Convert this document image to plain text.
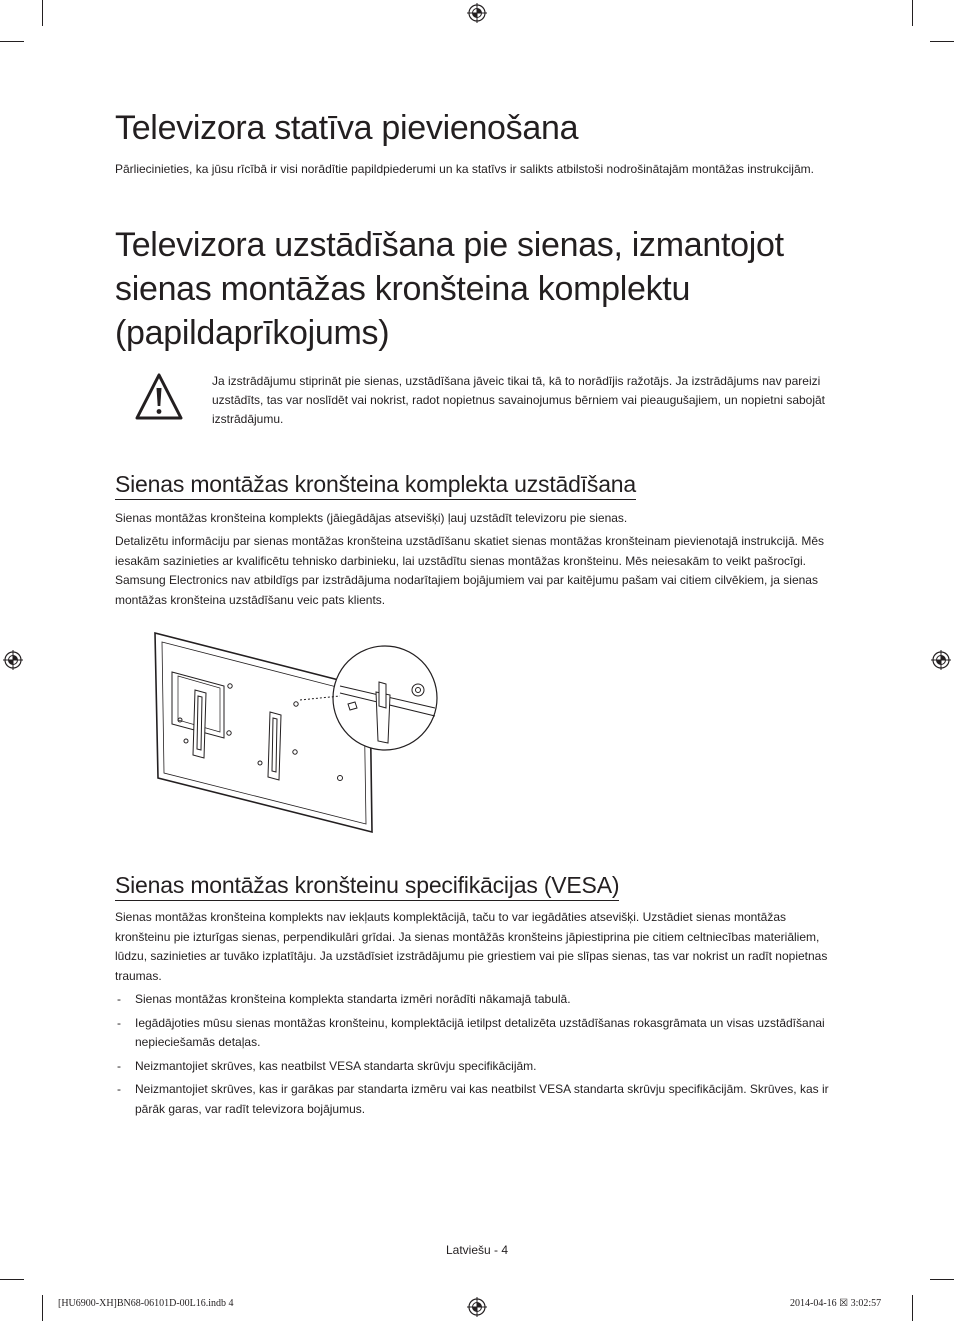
Televizora statīva pievienošana

Pārliecinieties, ka jūsu rīcībā ir visi norādītie papildpiederumi un ka statīvs ir salikts atbilstoši nodrošinātajām montāžas instrukcijām.

Televizora uzstādīšana pie sienas, izmantojot sienas montāžas kronšteina komplektu (papildaprīkojums)

Ja izstrādājumu stiprināt pie sienas, uzstādīšana jāveic tikai tā, kā to norādījis ražotājs. Ja izstrādājums nav pareizi uzstādīts, tas var noslīdēt vai nokrist, radot nopietnus savainojumus bērniem vai pieaugušajiem, un nopietni sabojāt izstrādājumu.

Sienas montāžas kronšteina komplekta uzstādīšana

Sienas montāžas kronšteina komplekts (jāiegādājas atsevišķi) ļauj uzstādīt televizoru pie sienas.

Detalizētu informāciju par sienas montāžas kronšteina uzstādīšanu skatiet sienas montāžas kronšteinam pievienotajā instrukcijā. Mēs iesakām sazinieties ar kvalificētu tehnisko darbinieku, lai uzstādītu sienas montāžas kronšteinu. Mēs neiesakām to veikt pašrocīgi. Samsung Electronics nav atbildīgs par izstrādājuma nodarītajiem bojājumiem vai par kaitējumu pašam vai citiem cilvēkiem, ja sienas montāžas kronšteina uzstādīšanu veic pats klients.

Sienas montāžas kronšteinu specifikācijas (VESA)

Sienas montāžas kronšteina komplekts nav iekļauts komplektācijā, taču to var iegādāties atsevišķi. Uzstādiet sienas montāžas kronšteinu pie izturīgas sienas, perpendikulāri grīdai. Ja sienas montāžās kronšteins jāpiestiprina pie citiem celtniecības materiāliem, lūdzu, sazinieties ar tuvāko izplatītāju. Ja uzstādīsiet izstrādājumu pie griestiem vai pie slīpas sienas, tas var nokrist un radīt nopietnas traumas.

- Sienas montāžas kronšteina komplekta standarta izmēri norādīti nākamajā tabulā.
- Iegādājoties mūsu sienas montāžas kronšteinu, komplektācijā ietilpst detalizēta uzstādīšanas rokasgrāmata un visas uzstādīšanai nepieciešamās detaļas.
- Neizmantojiet skrūves, kas neatbilst VESA standarta skrūvju specifikācijām.
- Neizmantojiet skrūves, kas ir garākas par standarta izmēru vai kas neatbilst VESA standarta skrūvju specifikācijām. Skrūves, kas ir pārāk garas, var radīt televizora bojājumus.
Latviešu - 4
[HU6900-XH]BN68-06101D-00L16.indb 4	2014-04-16 ☒ 3:02:57
